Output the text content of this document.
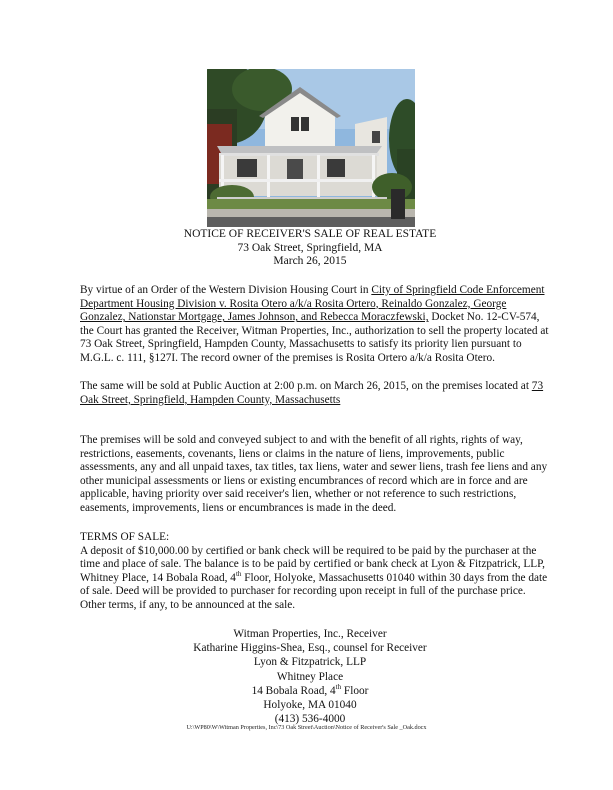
NOTICE OF RECEIVER'S SALE OF REAL ESTATE
73 Oak Street, Springfield, MA
March 26, 2015
By virtue of an Order of the Western Division Housing Court in City of Springfield Code Enforcement Department Housing Division v. Rosita Otero a/k/a Rosita Ortero, Reinaldo Gonzalez, George Gonzalez, Nationstar Mortgage, James Johnson, and Rebecca Moraczfewski, Docket No. 12-CV-574, the Court has granted the Receiver, Witman Properties, Inc., authorization to sell the property located at 73 Oak Street, Springfield, Hampden County, Massachusetts to satisfy its priority lien pursuant to M.G.L. c. 111, §127I. The record owner of the premises is Rosita Ortero a/k/a Rosita Otero.
The same will be sold at Public Auction at 2:00 p.m. on March 26, 2015, on the premises located at 73 Oak Street, Springfield, Hampden County, Massachusetts
The premises will be sold and conveyed subject to and with the benefit of all rights, rights of way, restrictions, easements, covenants, liens or claims in the nature of liens, improvements, public assessments, any and all unpaid taxes, tax titles, tax liens, water and sewer liens, trash fee liens and any other municipal assessments or liens or existing encumbrances of record which are in force and are applicable, having priority over said receiver's lien, whether or not reference to such restrictions, easements, improvements, liens or encumbrances is made in the deed.
TERMS OF SALE:
A deposit of $10,000.00 by certified or bank check will be required to be paid by the purchaser at the time and place of sale. The balance is to be paid by certified or bank check at Lyon & Fitzpatrick, LLP, Whitney Place, 14 Bobala Road, 4th Floor, Holyoke, Massachusetts 01040 within 30 days from the date of sale. Deed will be provided to purchaser for recording upon receipt in full of the purchase price. Other terms, if any, to be announced at the sale.
Witman Properties, Inc., Receiver
Katharine Higgins-Shea, Esq., counsel for Receiver
Lyon & Fitzpatrick, LLP
Whitney Place
14 Bobala Road, 4th Floor
Holyoke, MA 01040
(413) 536-4000
U:\WP80\W\Witman Properties, Inc\73 Oak Street\Auction\Notice of Receiver's Sale _Oak.docx
